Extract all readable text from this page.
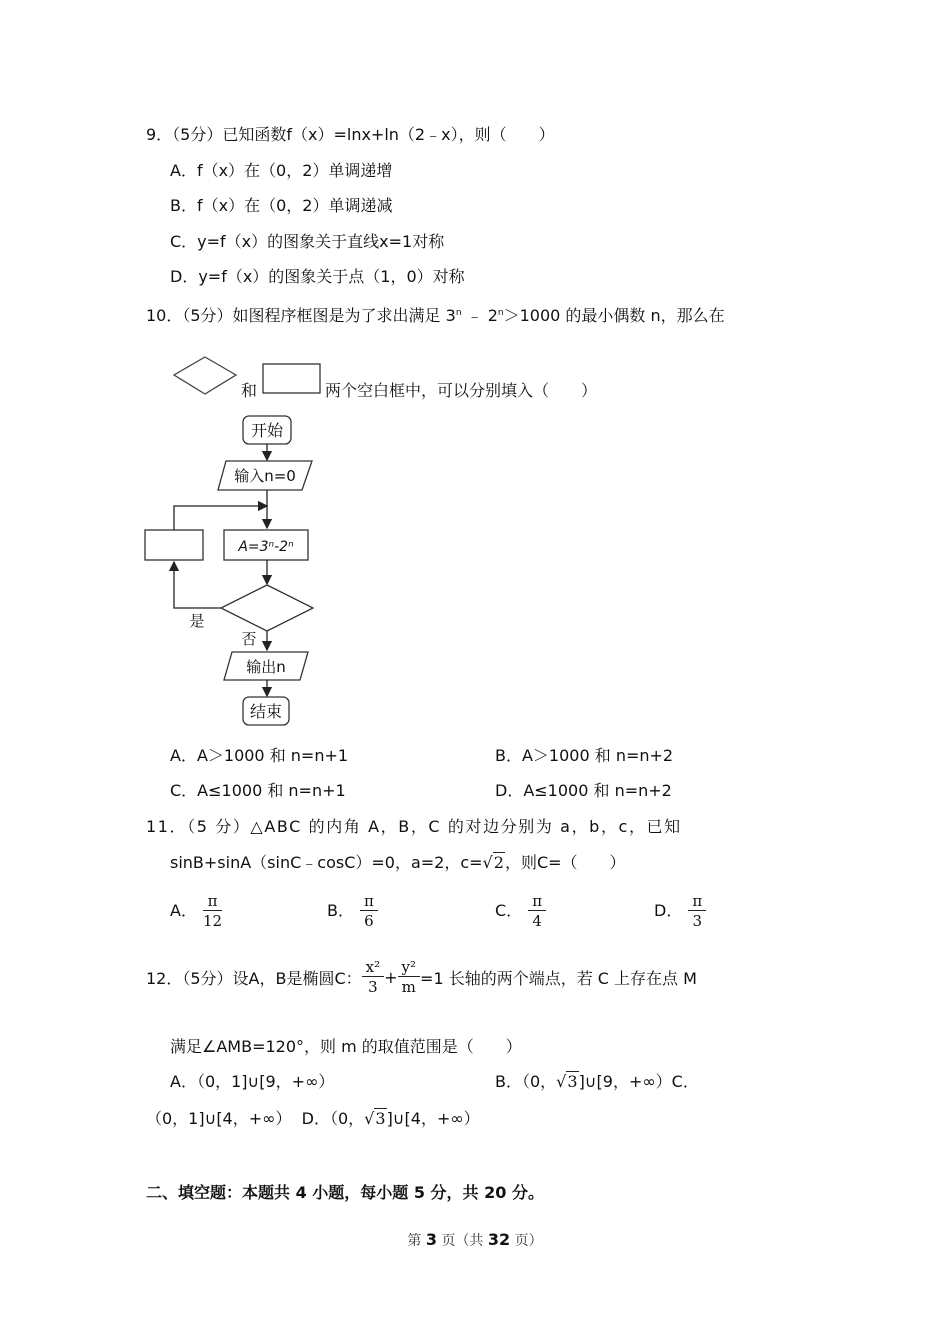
9．（5分）已知函数f（x）=lnx+ln（2﹣x），则（　　）
A．f（x）在（0，2）单调递增
B．f（x）在（0，2）单调递减
C．y=f（x）的图象关于直线x=1对称
D．y=f（x）的图象关于点（1，0）对称
10．（5分）如图程序框图是为了求出满足 3$^n$ ﹣ $2^n>1000$ 的最小偶数 n，那么在
和	两个空白框中，可以分别填入（　　）
开始
输入n=0
A=3ⁿ-2ⁿ
是
否
输出n
结束
A．A＞1000 和 n=n+1	B．A＞1000 和 n=n+2
C．A≤1000 和 n=n+1	D．A≤1000 和 n=n+2
11．（5 分）△ABC 的内角 A，B，C 的对边分别为 a，b，c，已知
sinB+sinA（sinC﹣cosC）=0，a=2，c=√2，则C=（　　）
A． $\frac{\pi}{12}$	B． $\frac{\pi}{6}$	C． $\frac{\pi}{4}$	D． $\frac{\pi}{3}$
12．（5分）设A，B是椭圆C： $\frac{\text{x²}}{3} + \frac{\text{y²}}{m} =1$ 长轴的两个端点，若 C 上存在点 M
满足∠AMB=120°，则 m 的取值范围是（　　）
A．（0，1]∪[9，+∞）	B．（0，√3]∪[9，+∞）C．
（0，1]∪[4，+∞） D．（0，√3]∪[4，+∞）
二、填空题：本题共 4 小题，每小题 5 分，共 20 分。
第 3 页（共 32 页）
